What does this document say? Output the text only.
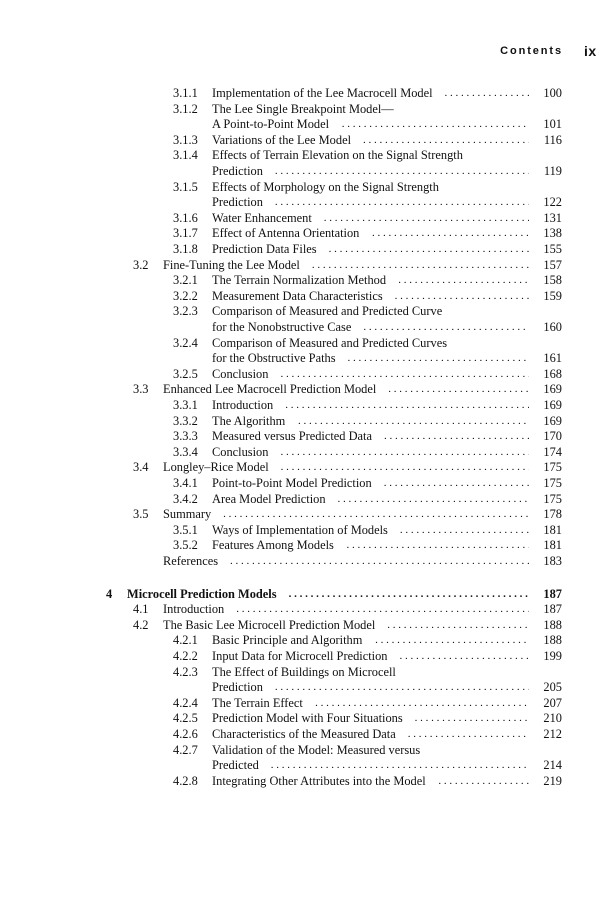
Contents ix
3.1.1 Implementation of the Lee Macrocell Model . . .	100
3.1.2 The Lee Single Breakpoint Model—
A Point-to-Point Model . . .	101
3.1.3 Variations of the Lee Model . . .	116
3.1.4 Effects of Terrain Elevation on the Signal Strength
Prediction . . .	119
3.1.5 Effects of Morphology on the Signal Strength
Prediction . . .	122
3.1.6 Water Enhancement . . .	131
3.1.7 Effect of Antenna Orientation . . .	138
3.1.8 Prediction Data Files . . .	155
3.2 Fine-Tuning the Lee Model . . .	157
3.2.1 The Terrain Normalization Method . . .	158
3.2.2 Measurement Data Characteristics . . .	159
3.2.3 Comparison of Measured and Predicted Curve
for the Nonobstructive Case . . .	160
3.2.4 Comparison of Measured and Predicted Curves
for the Obstructive Paths . . .	161
3.2.5 Conclusion . . .	168
3.3 Enhanced Lee Macrocell Prediction Model . . .	169
3.3.1 Introduction . . .	169
3.3.2 The Algorithm . . .	169
3.3.3 Measured versus Predicted Data . . .	170
3.3.4 Conclusion . . .	174
3.4 Longley–Rice Model . . .	175
3.4.1 Point-to-Point Model Prediction . . .	175
3.4.2 Area Model Prediction . . .	175
3.5 Summary . . .	178
3.5.1 Ways of Implementation of Models . . .	181
3.5.2 Features Among Models . . .	181
References . . .	183
4 Microcell Prediction Models . . .	187
4.1 Introduction . . .	187
4.2 The Basic Lee Microcell Prediction Model . . .	188
4.2.1 Basic Principle and Algorithm . . .	188
4.2.2 Input Data for Microcell Prediction . . .	199
4.2.3 The Effect of Buildings on Microcell
Prediction . . .	205
4.2.4 The Terrain Effect . . .	207
4.2.5 Prediction Model with Four Situations . . .	210
4.2.6 Characteristics of the Measured Data . . .	212
4.2.7 Validation of the Model: Measured versus
Predicted . . .	214
4.2.8 Integrating Other Attributes into the Model . . .	219
